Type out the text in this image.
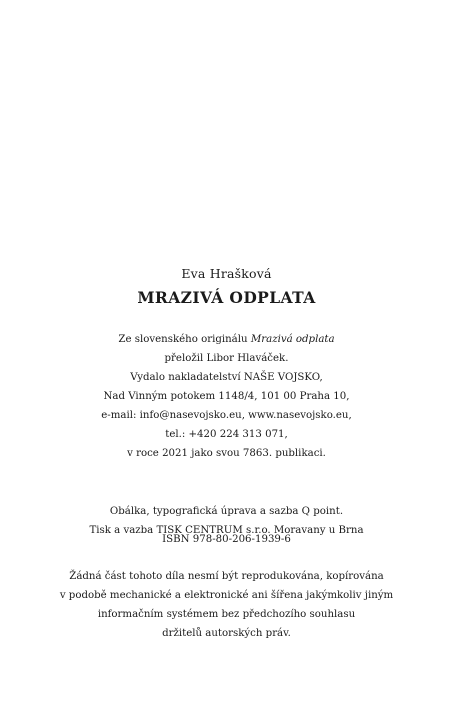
Eva Hrašková
MRAZIVÁ ODPLATA
Ze slovenského originálu Mrazivá odplata
přeložil Libor Hlaváček.
Vydalo nakladatelství NAŠE VOJSKO,
Nad Vinným potokem 1148/4, 101 00 Praha 10,
e-mail: info@nasevojsko.eu, www.nasevojsko.eu,
tel.: +420 224 313 071,
v roce 2021 jako svou 7863. publikaci.
Obálka, typografická úprava a sazba Q point.
Tisk a vazba TISK CENTRUM s.r.o. Moravany u Brna
ISBN 978-80-206-1939-6
Žádná část tohoto díla nesmí být reprodukována, kopírována
v podobě mechanické a elektronické ani šířena jakýmkoliv jiným
informačním systémem bez předchozího souhlasu
držitelů autorských práv.
